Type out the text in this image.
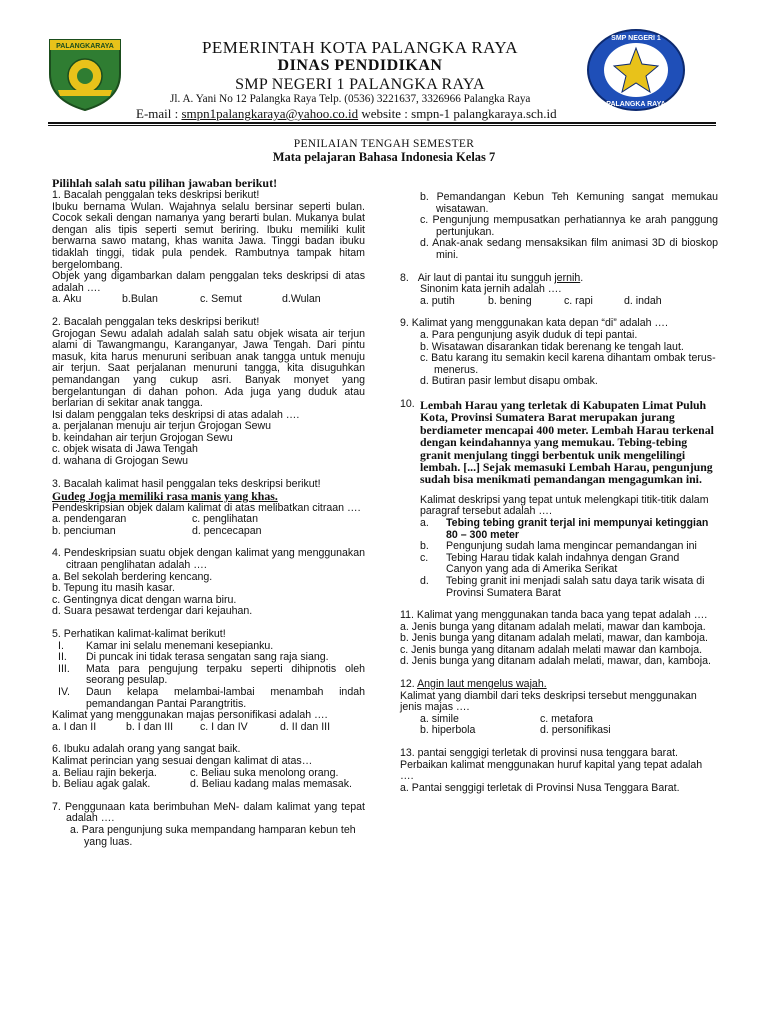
PALANGKARAYA
SMP NEGERI 1
PALANGKA RAYA
PEMERINTAH KOTA PALANGKA RAYA
DINAS PENDIDIKAN
SMP NEGERI 1 PALANGKA RAYA
Jl. A. Yani No 12 Palangka Raya Telp. (0536) 3221637, 3326966 Palangka Raya
E-mail : smpn1palangkaraya@yahoo.co.id website : smpn-1 palangkaraya.sch.id
PENILAIAN TENGAH SEMESTER
Mata pelajaran Bahasa Indonesia Kelas 7
Pilihlah salah satu pilihan jawaban berikut!

1. Bacalah penggalan teks deskripsi berikut!

Ibuku bernama Wulan. Wajahnya selalu bersinar seperti bulan. Cocok sekali dengan namanya yang berarti bulan. Mukanya bulat dengan alis tipis seperti semut beriring. Ibuku memiliki kulit berwarna sawo matang, khas wanita Jawa. Tinggi badan ibuku tidaklah tinggi, tidak pula pendek. Rambutnya tampak hitam bergelombang.

Objek yang digambarkan dalam penggalan teks deskripsi di atas adalah ….

a. Aku	b.Bulan	c. Semut	d.Wulan

2. Bacalah penggalan teks deskripsi berikut!

Grojogan Sewu adalah adalah salah satu objek wisata air terjun alami di Tawangmangu, Karanganyar, Jawa Tengah. Dari pintu masuk, kita harus menuruni seribuan anak tangga untuk menuju air terjun. Saat perjalanan menuruni tangga, kita disuguhkan pemandangan yang cukup asri. Banyak monyet yang bergelantungan di dahan pohon. Ada juga yang duduk atau berlarian di sekitar anak tangga.

Isi dalam penggalan teks deskripsi di atas adalah ….

a. perjalanan menuju air terjun Grojogan Sewu

b. keindahan air terjun Grojogan Sewu

c. objek wisata di Jawa Tengah

d. wahana di Grojogan Sewu

3. Bacalah kalimat hasil penggalan teks deskripsi berikut!

Gudeg Jogja memiliki rasa manis yang khas.

Pendeskripsian objek dalam kalimat di atas melibatkan citraan ….

a. pendengaran	c. penglihatan
b. penciuman	d. pencecapan

4. Pendeskripsian suatu objek dengan kalimat yang menggunakan citraan penglihatan adalah ….

a. Bel sekolah berdering kencang.

b. Tepung itu masih kasar.

c. Gentingnya dicat dengan warna biru.

d. Suara pesawat terdengar dari kejauhan.

5. Perhatikan kalimat-kalimat berikut!

I.	Kamar ini selalu menemani kesepianku.
II.	Di puncak ini tidak terasa sengatan sang raja siang.
III.	Mata para pengujung terpaku seperti dihipnotis oleh seorang pesulap.
IV.	Daun kelapa melambai-lambai menambah indah pemandangan Pantai Parangtritis.

Kalimat yang menggunakan majas personifikasi adalah ….

a. I dan II	b. I dan III	c. I dan IV	d. II dan III

6. Ibuku adalah orang yang sangat baik.

Kalimat perincian yang sesuai dengan kalimat di atas…

a. Beliau rajin bekerja.	c. Beliau suka menolong orang.
b. Beliau agak galak.	d. Beliau kadang malas memasak.

7. Penggunaan kata berimbuhan MeN- dalam kalimat yang tepat adalah ….

a. Para pengunjung suka mempandang hamparan kebun teh yang luas.

b. Pemandangan Kebun Teh Kemuning sangat memukau wisatawan.

c. Pengunjung mempusatkan perhatiannya ke arah panggung pertunjukan.

d. Anak-anak sedang mensaksikan film animasi 3D di bioskop mini.

8. Air laut di pantai itu sungguh jernih.

Sinonim kata jernih adalah ….

a. putih	b. bening	c. rapi	d. indah

9. Kalimat yang menggunakan kata depan “di” adalah ….

a. Para pengunjung asyik duduk di tepi pantai.

b. Wisatawan disarankan tidak berenang ke tengah laut.

c. Batu karang itu semakin kecil karena dihantam ombak terus-menerus.

d. Butiran pasir lembut disapu ombak.

10. Lembah Harau yang terletak di Kabupaten Limat Puluh Kota, Provinsi Sumatera Barat merupakan jurang berdiameter mencapai 400 meter. Lembah Harau terkenal dengan keindahannya yang memukau. Tebing-tebing granit menjulang tinggi berbentuk unik mengelilingi lembah. [...] Sejak memasuki Lembah Harau, pengunjung sudah bisa menikmati pemandangan mengagumkan ini.

Kalimat deskripsi yang tepat untuk melengkapi titik-titik dalam paragraf tersebut adalah ….

a.	Tebing tebing granit terjal ini mempunyai ketinggian 80 – 300 meter
b.	Pengunjung sudah lama mengincar pemandangan ini
c.	Tebing Harau tidak kalah indahnya dengan Grand Canyon yang ada di Amerika Serikat
d.	Tebing granit ini menjadi salah satu daya tarik wisata di Provinsi Sumatera Barat

11. Kalimat yang menggunakan tanda baca yang tepat adalah ….

a. Jenis bunga yang ditanam adalah melati, mawar dan kamboja.

b. Jenis bunga yang ditanam adalah melati, mawar, dan kamboja.

c. Jenis bunga yang ditanam adalah melati mawar dan kamboja.

d. Jenis bunga yang ditanam adalah melati, mawar, dan, kamboja.

12. Angin laut mengelus wajah.

Kalimat yang diambil dari teks deskripsi tersebut menggunakan jenis majas ….

a. simile	c. metafora
b. hiperbola	d. personifikasi

13. pantai senggigi terletak di provinsi nusa tenggara barat.

Perbaikan kalimat menggunakan huruf kapital yang tepat adalah ….

a. Pantai senggigi terletak di Provinsi Nusa Tenggara Barat.
